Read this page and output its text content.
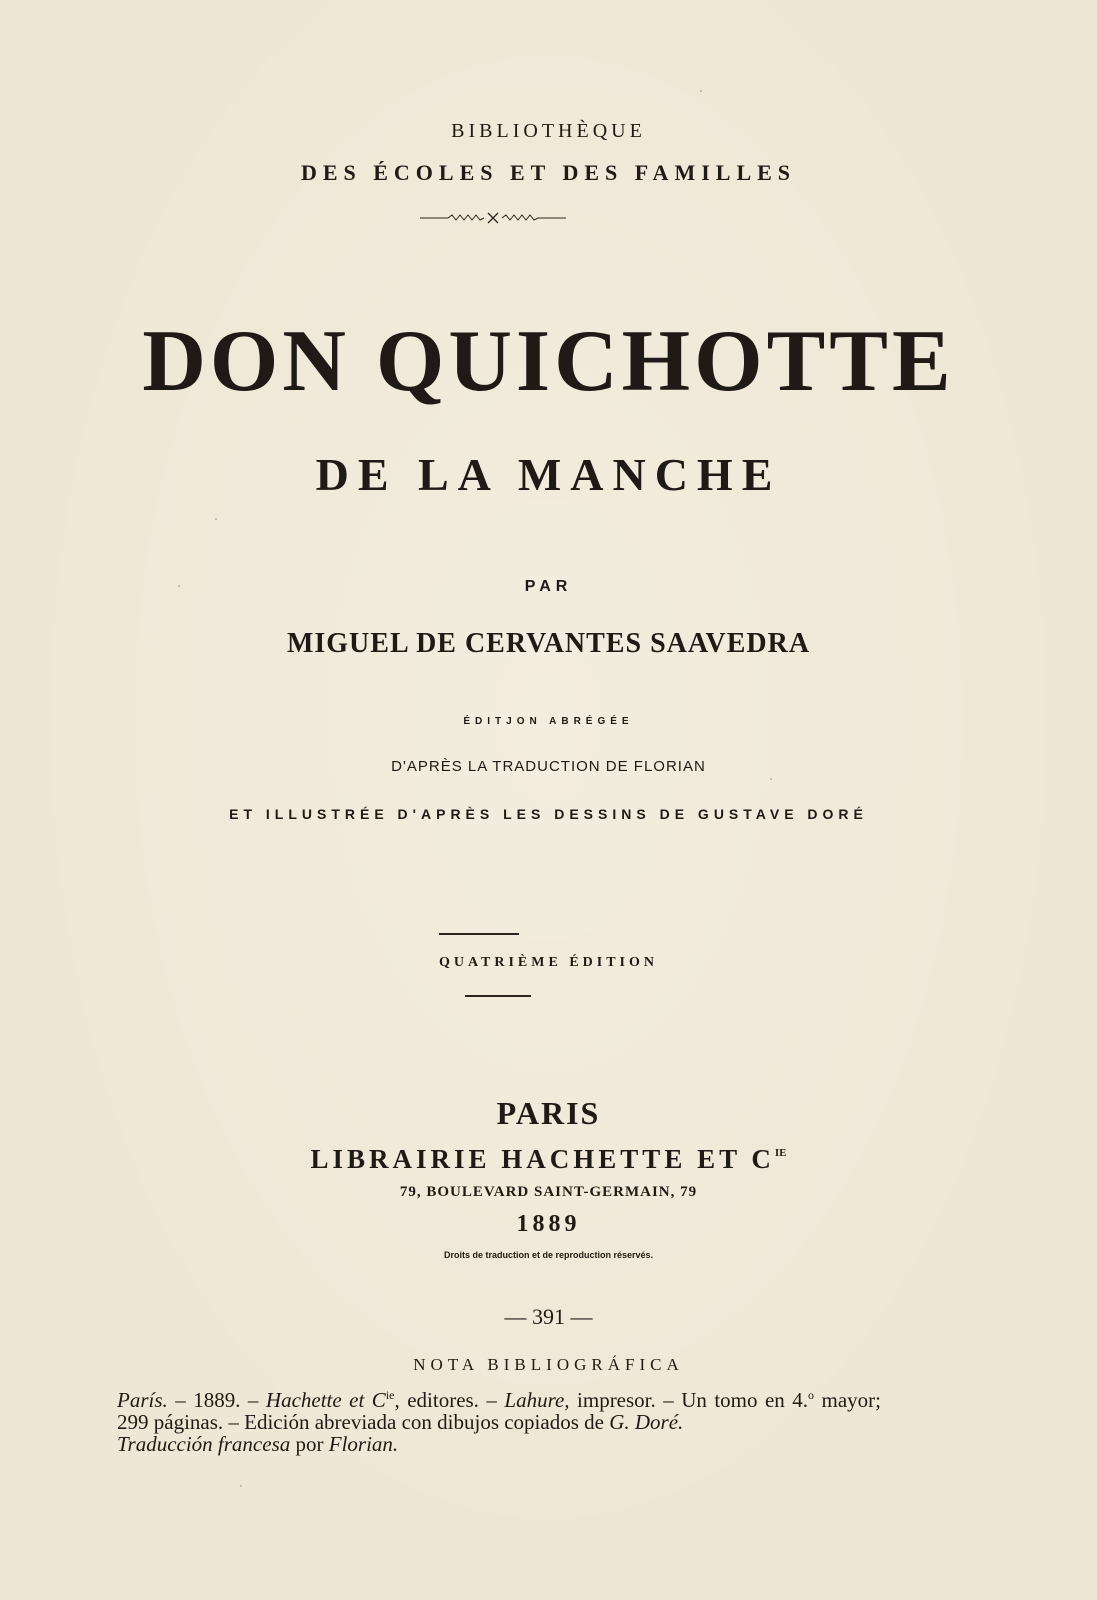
BIBLIOTHÈQUE
DES ÉCOLES ET DES FAMILLES
DON QUICHOTTE
DE LA MANCHE
PAR
MIGUEL DE CERVANTES SAAVEDRA
ÉDITJON ABRÉGÉE
D'APRÈS LA TRADUCTION DE FLORIAN
ET ILLUSTRÉE D'APRÈS LES DESSINS DE GUSTAVE DORÉ
QUATRIÈME ÉDITION
PARIS
LIBRAIRIE HACHETTE ET $C^{IE}$
79, BOULEVARD SAINT-GERMAIN, 79
1889
Droits de traduction et de reproduction réservés.
— 391 —
NOTA BIBLIOGRÁFICA
París. – 1889. – Hachette et $C^{ie}$, editores. – Lahure, impresor. – Un tomo en 4.$^o$ mayor; 299 páginas. – Edición abreviada con dibujos copiados de G. Doré.
Traducción francesa por Florian.
